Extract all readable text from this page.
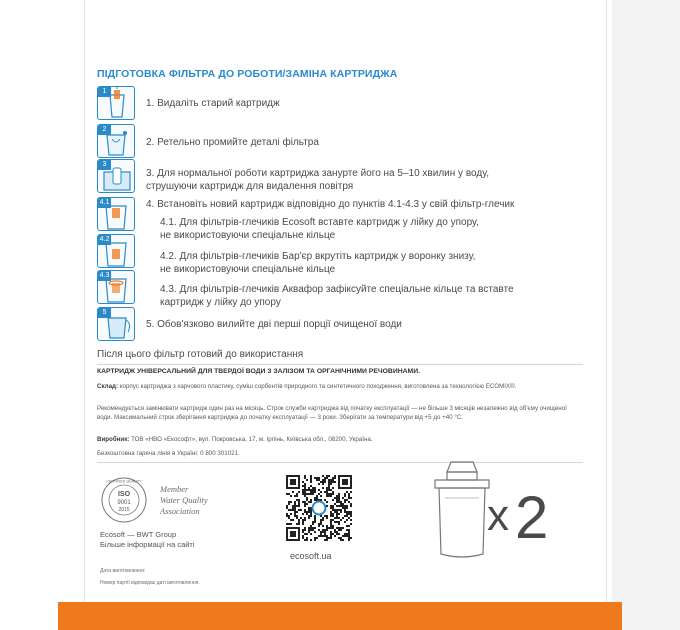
ПІДГОТОВКА ФІЛЬТРА ДО РОБОТИ/ЗАМІНА КАРТРИДЖА
1
1. Видаліть старий картридж
2
2. Ретельно промийте деталі фільтра
3
3. Для нормальної роботи картриджа занурте його на 5–10 хвилин у воду,
струшуючи картридж для видалення повітря
4.1	4. Встановіть новий картридж відповідно до пунктів 4.1-4.3 у свій фільтр-глечик
4.1. Для фільтрів-глечиків Ecosoft вставте картридж у лійку до упору,
не використовуючи спеціальне кільце
4.2
4.2. Для фільтрів-глечиків Бар'єр вкрутіть картридж у воронку знизу,
не використовуючи спеціальне кільце
4.3
4.3. Для фільтрів-глечиків Аквафор зафіксуйте спеціальне кільце та вставте
картридж у лійку до упору
5
5. Обов'язково вилийте дві перші порції очищеної води
Після цього фільтр готовий до використання
КАРТРИДЖ УНІВЕРСАЛЬНИЙ ДЛЯ ТВЕРДОЇ ВОДИ З ЗАЛІЗОМ ТА ОРГАНІЧНИМИ РЕЧОВИНАМИ.
Склад: корпус картриджа з харчового пластику, суміш сорбентів природного та синтетичного походження, виготовлена за технологією ECOMIX®.
Рекомендується замінювати картридж один раз на місяць. Строк служби картриджа від початку експлуатації — не більше 3 місяців незалежно від об'єму очищеної води. Максимальний строк зберігання картриджа до початку експлуатації — 3 роки. Зберігати за температури від +5 до +40 °С.
Виробник: ТОВ «НВО «Екософт», вул. Покровська, 17, м. Ірпінь, Київська обл., 08200, Україна.
Безкоштовна гаряча лінія в Україні: 0 800 301021.
CERTIFIED QUALITY
ISO
9001
2015
Member
Water Quality
Association
Ecosoft — BWT Group
Більше інформації на сайті
Дата виготовлення:
Номер партії відповідає даті виготовлення.
ecosoft.ua
x 2
